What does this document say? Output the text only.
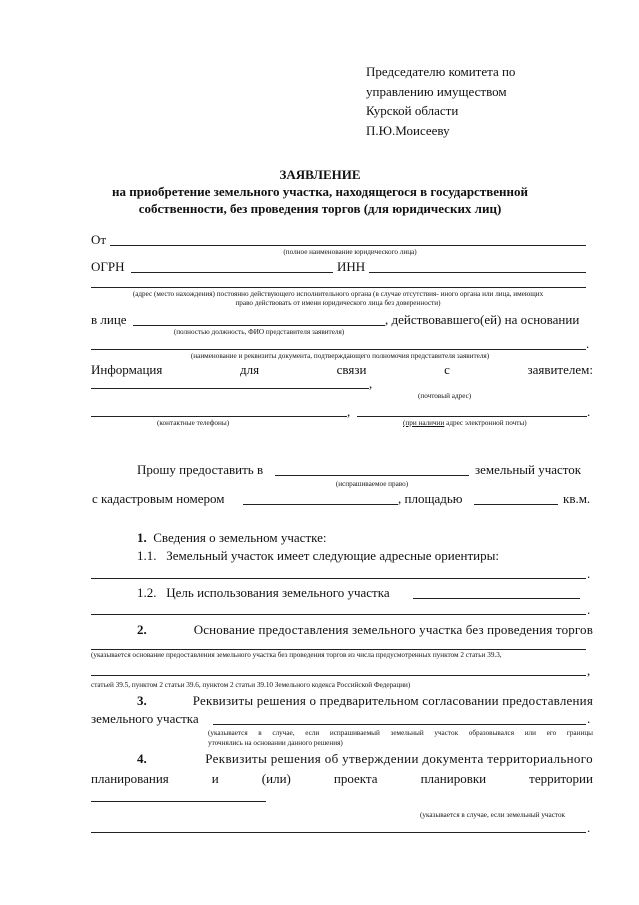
Председателю комитета по
управлению имуществом
Курской области
П.Ю.Моисееву
ЗАЯВЛЕНИЕ
на приобретение земельного участка, находящегося в государственной
собственности, без проведения торгов (для юридических лиц)
От
(полное наименование юридического лица)
ОГРН	ИНН
(адрес (место нахождения) постоянно действующего исполнительного органа (в случае отсутствия- иного органа или лица, имеющих
право действовать от имени юридического лица без доверенности)
в лице	, действовавшего(ей) на основании
(полностью должность, ФИО представителя заявителя)
.
(наименование и реквизиты документа, подтверждающего полномочия представителя заявителя)
Информация	для	связи	с	заявителем:
,
(почтовый адрес)
,	.
(контактные телефоны)	(при наличии адрес электронной почты)
Прошу предоставить в	земельный участок
(испрашиваемое право)
с кадастровым номером	, площадью	кв.м.
1. Сведения о земельном участке:
1.1. Земельный участок имеет следующие адресные ориентиры:
.
1.2. Цель использования земельного участка
.
2.	Основание предоставления земельного участка без проведения торгов
(указывается основание предоставления земельного участка без проведения торгов из числа предусмотренных пунктом 2 статьи 39.3,
,
статьей 39.5, пунктом 2 статьи 39.6, пунктом 2 статьи 39.10 Земельного кодекса Российской Федерации)
3.	Реквизиты решения о предварительном согласовании предоставления
земельного участка	.
(указывается в случае, если испрашиваемый земельный участок образовывался или его границы
уточнялись на основании данного решения)
4.	Реквизиты решения об утверждении документа территориального
планирования	и	(или)	проекта	планировки	территории
(указывается в случае, если земельный участок
.
